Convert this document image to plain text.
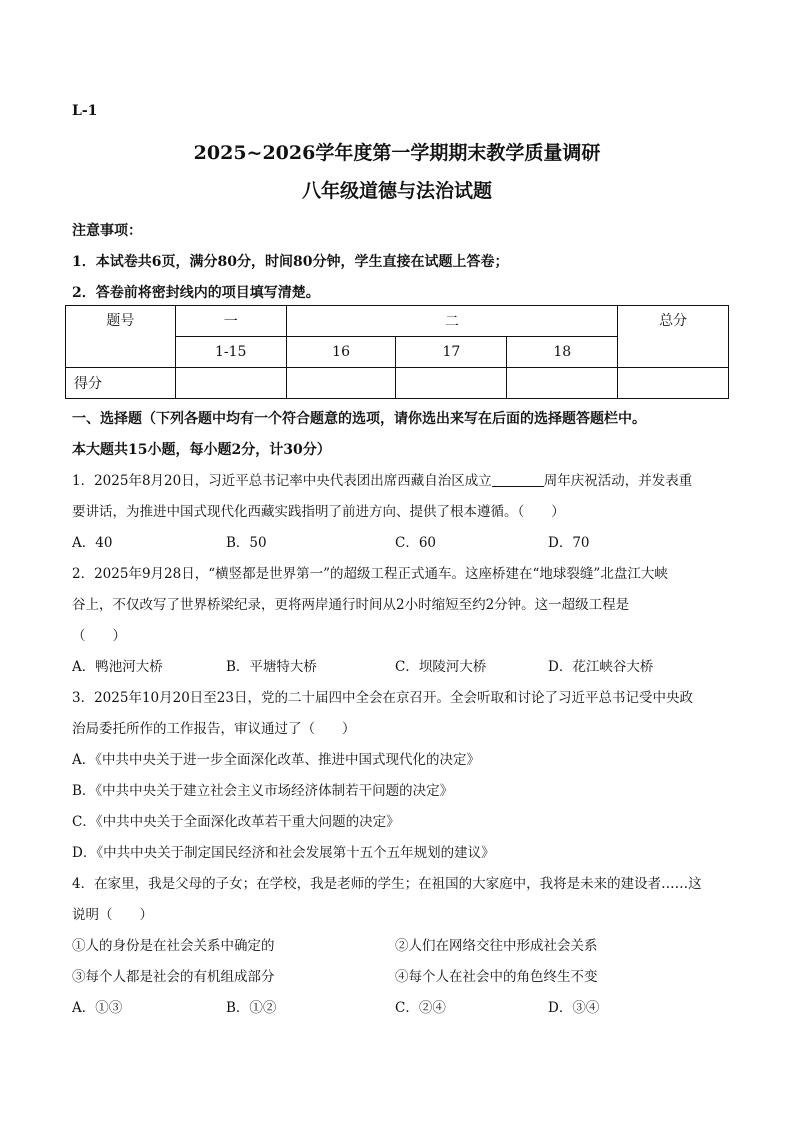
L-1
2025~2026学年度第一学期期末教学质量调研
八年级道德与法治试题
注意事项：
1．本试卷共6页，满分80分，时间80分钟，学生直接在试题上答卷；
2．答卷前将密封线内的项目填写清楚。
题号	一	二			总分
	1-15	16	17	18	
得分					
一、选择题（下列各题中均有一个符合题意的选项，请你选出来写在后面的选择题答题栏中。
本大题共15小题，每小题2分，计30分）
1．2025年8月20日，习近平总书记率中央代表团出席西藏自治区成立	周年庆祝活动，并发表重
要讲话，为推进中国式现代化西藏实践指明了前进方向、提供了根本遵循。（　　）
A．40	B．50	C．60	D．70
2．2025年9月28日，“横竖都是世界第一”的超级工程正式通车。这座桥建在“地球裂缝”北盘江大峡
谷上，不仅改写了世界桥梁纪录，更将两岸通行时间从2小时缩短至约2分钟。这一超级工程是
（　　）
A．鸭池河大桥	B．平塘特大桥	C．坝陵河大桥	D．花江峡谷大桥
3．2025年10月20日至23日，党的二十届四中全会在京召开。全会听取和讨论了习近平总书记受中央政
治局委托所作的工作报告，审议通过了（　　）
A．《中共中央关于进一步全面深化改革、推进中国式现代化的决定》
B．《中共中央关于建立社会主义市场经济体制若干问题的决定》
C．《中共中央关于全面深化改革若干重大问题的决定》
D．《中共中央关于制定国民经济和社会发展第十五个五年规划的建议》
4．在家里，我是父母的子女；在学校，我是老师的学生；在祖国的大家庭中，我将是未来的建设者……这
说明（　　）
①人的身份是在社会关系中确定的	②人们在网络交往中形成社会关系
③每个人都是社会的有机组成部分	④每个人在社会中的角色终生不变
A．①③	B．①②	C．②④	D．③④
